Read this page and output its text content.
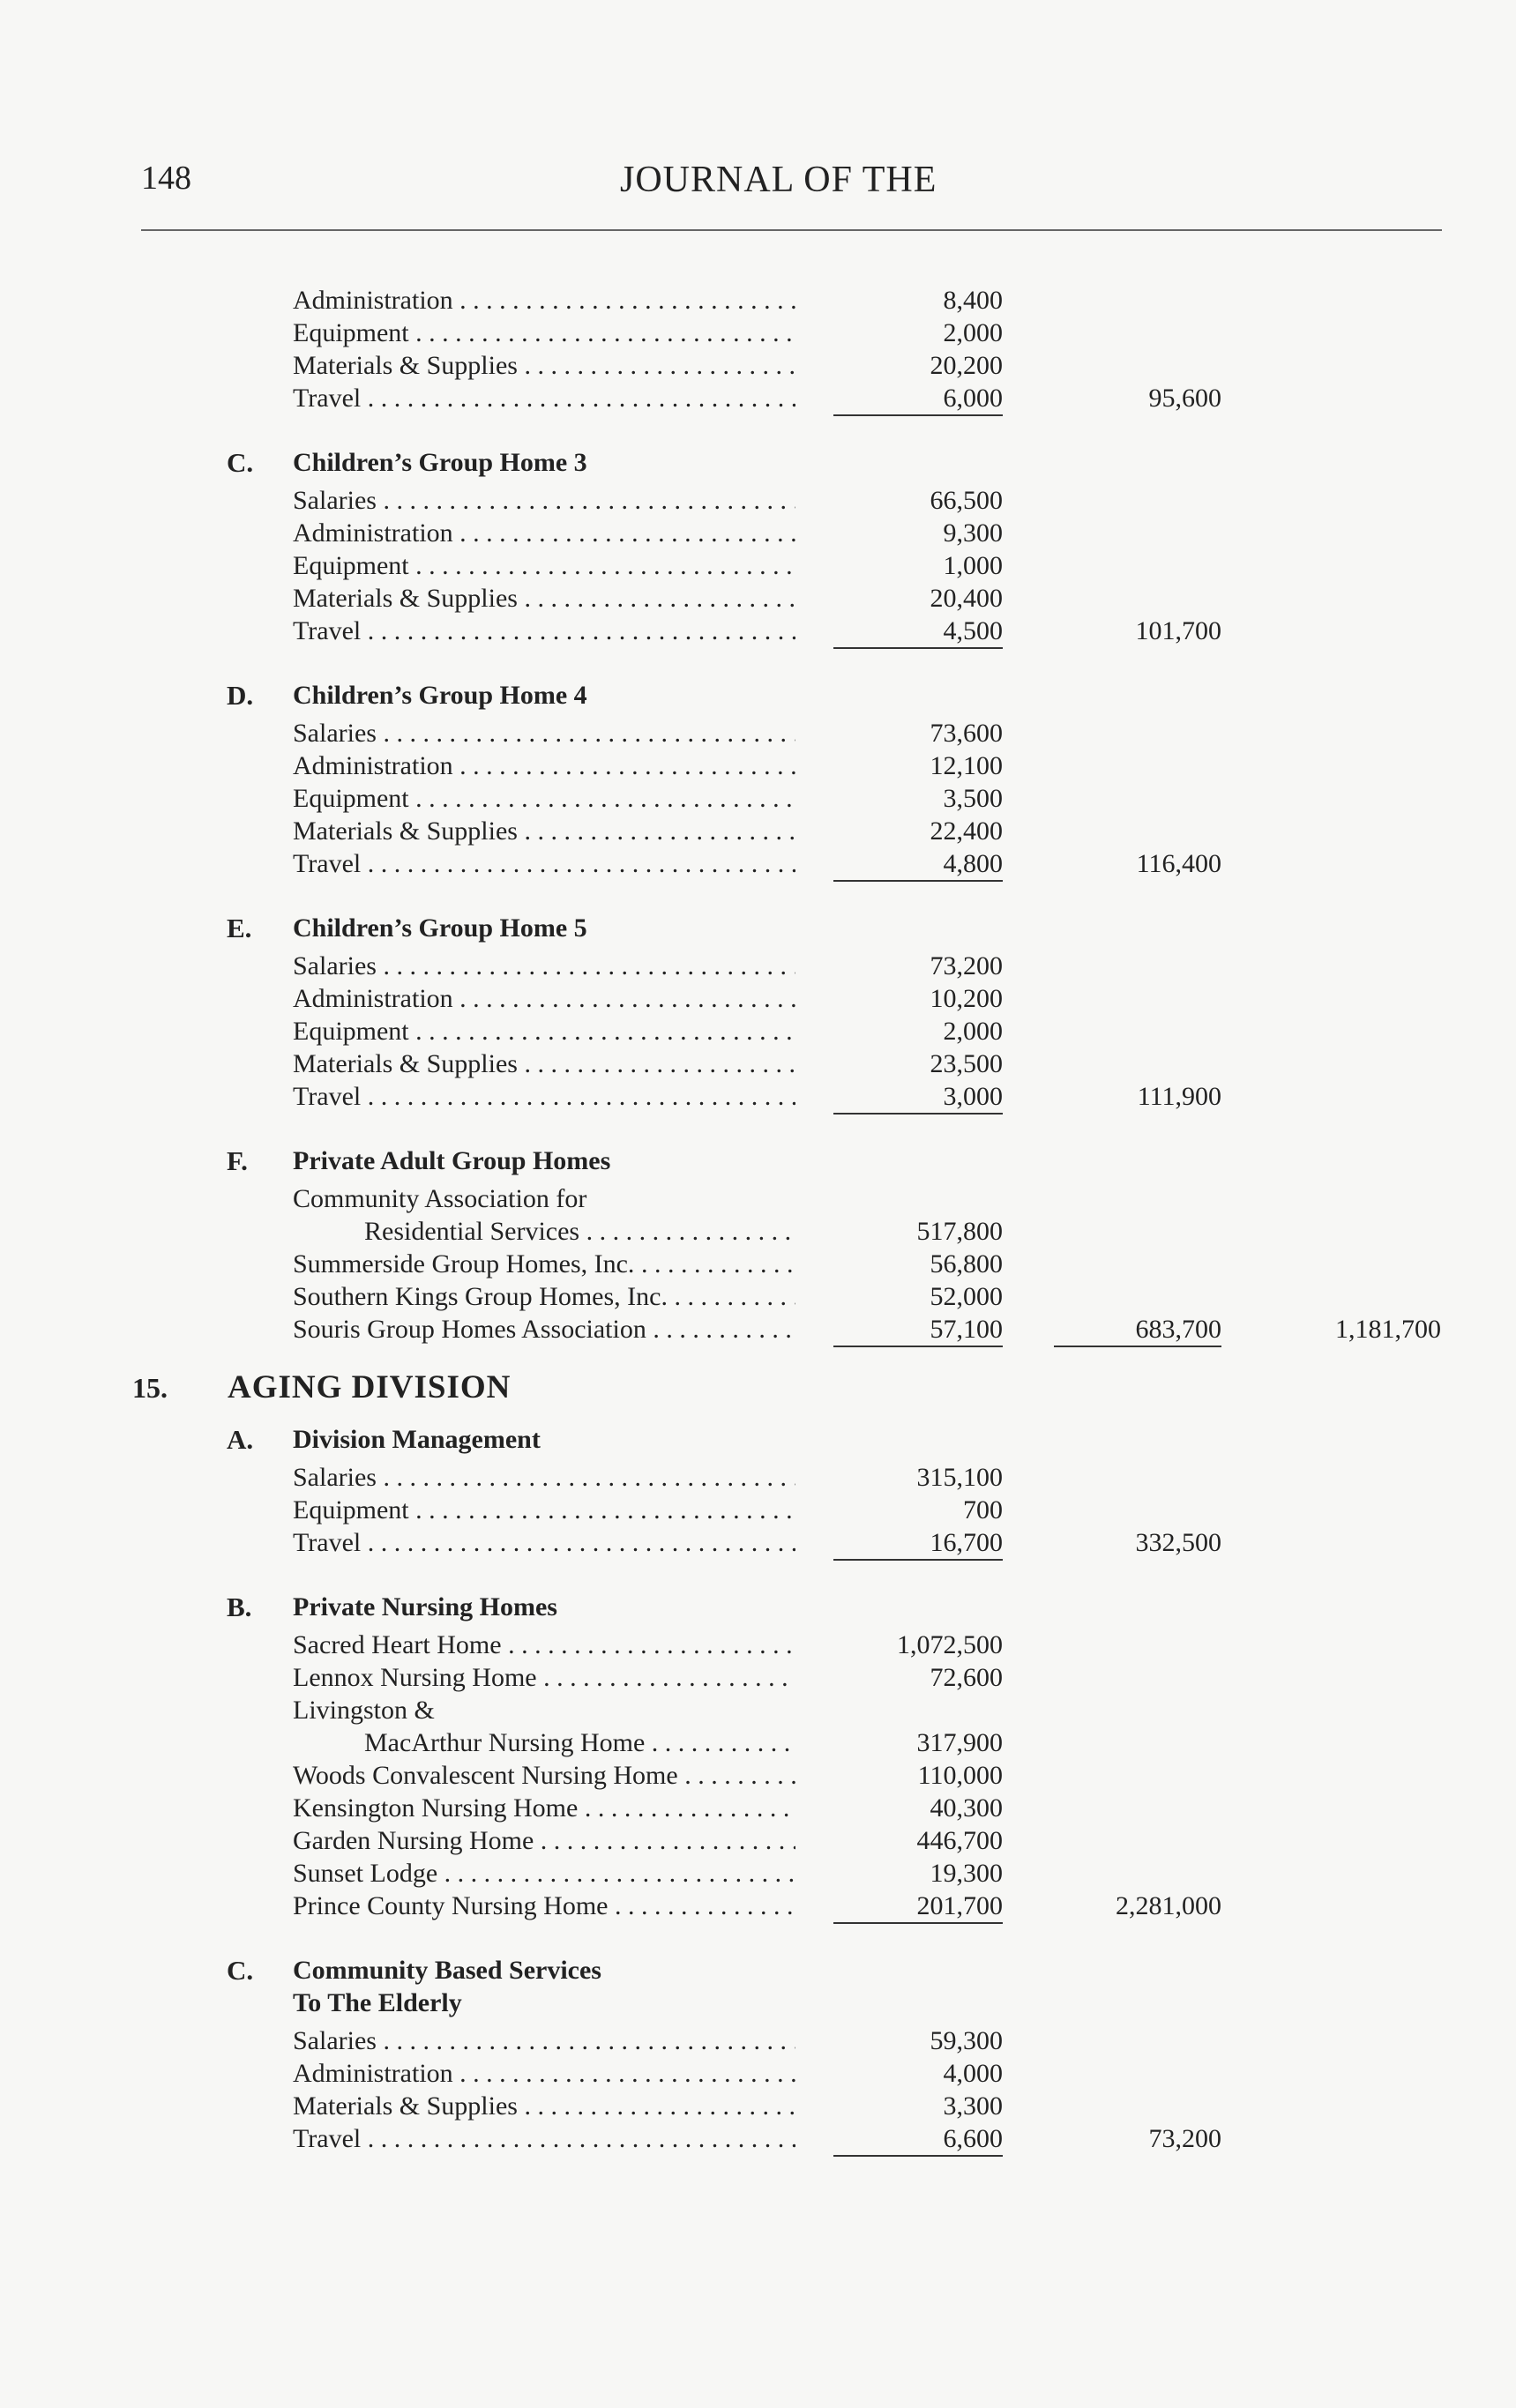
148	JOURNAL OF THE
Administration . . .	8,400
Equipment . . .	2,000
Materials & Supplies . . .	20,200
Travel . . .	6,000	95,600
C. Children’s Group Home 3
Salaries . . .	66,500
Administration . . .	9,300
Equipment . . .	1,000
Materials & Supplies . . .	20,400
Travel . . .	4,500	101,700
D. Children’s Group Home 4
Salaries . . .	73,600
Administration . . .	12,100
Equipment . . .	3,500
Materials & Supplies . . .	22,400
Travel . . .	4,800	116,400
E. Children’s Group Home 5
Salaries . . .	73,200
Administration . . .	10,200
Equipment . . .	2,000
Materials & Supplies . . .	23,500
Travel . . .	3,000	111,900
F. Private Adult Group Homes
Community Association for
Residential Services . . .	517,800
Summerside Group Homes, Inc. . . .	56,800
Southern Kings Group Homes, Inc. . . .	52,000
Souris Group Homes Association . . .	57,100	683,700	1,181,700
15. AGING DIVISION
A. Division Management
Salaries . . .	315,100
Equipment . . .	700
Travel . . .	16,700	332,500
B. Private Nursing Homes
Sacred Heart Home . . .	1,072,500
Lennox Nursing Home . . .	72,600
Livingston &
MacArthur Nursing Home . . .	317,900
Woods Convalescent Nursing Home . . .	110,000
Kensington Nursing Home . . .	40,300
Garden Nursing Home . . .	446,700
Sunset Lodge . . .	19,300
Prince County Nursing Home . . .	201,700	2,281,000
C. Community Based Services
To The Elderly
Salaries . . .	59,300
Administration . . .	4,000
Materials & Supplies . . .	3,300
Travel . . .	6,600	73,200
